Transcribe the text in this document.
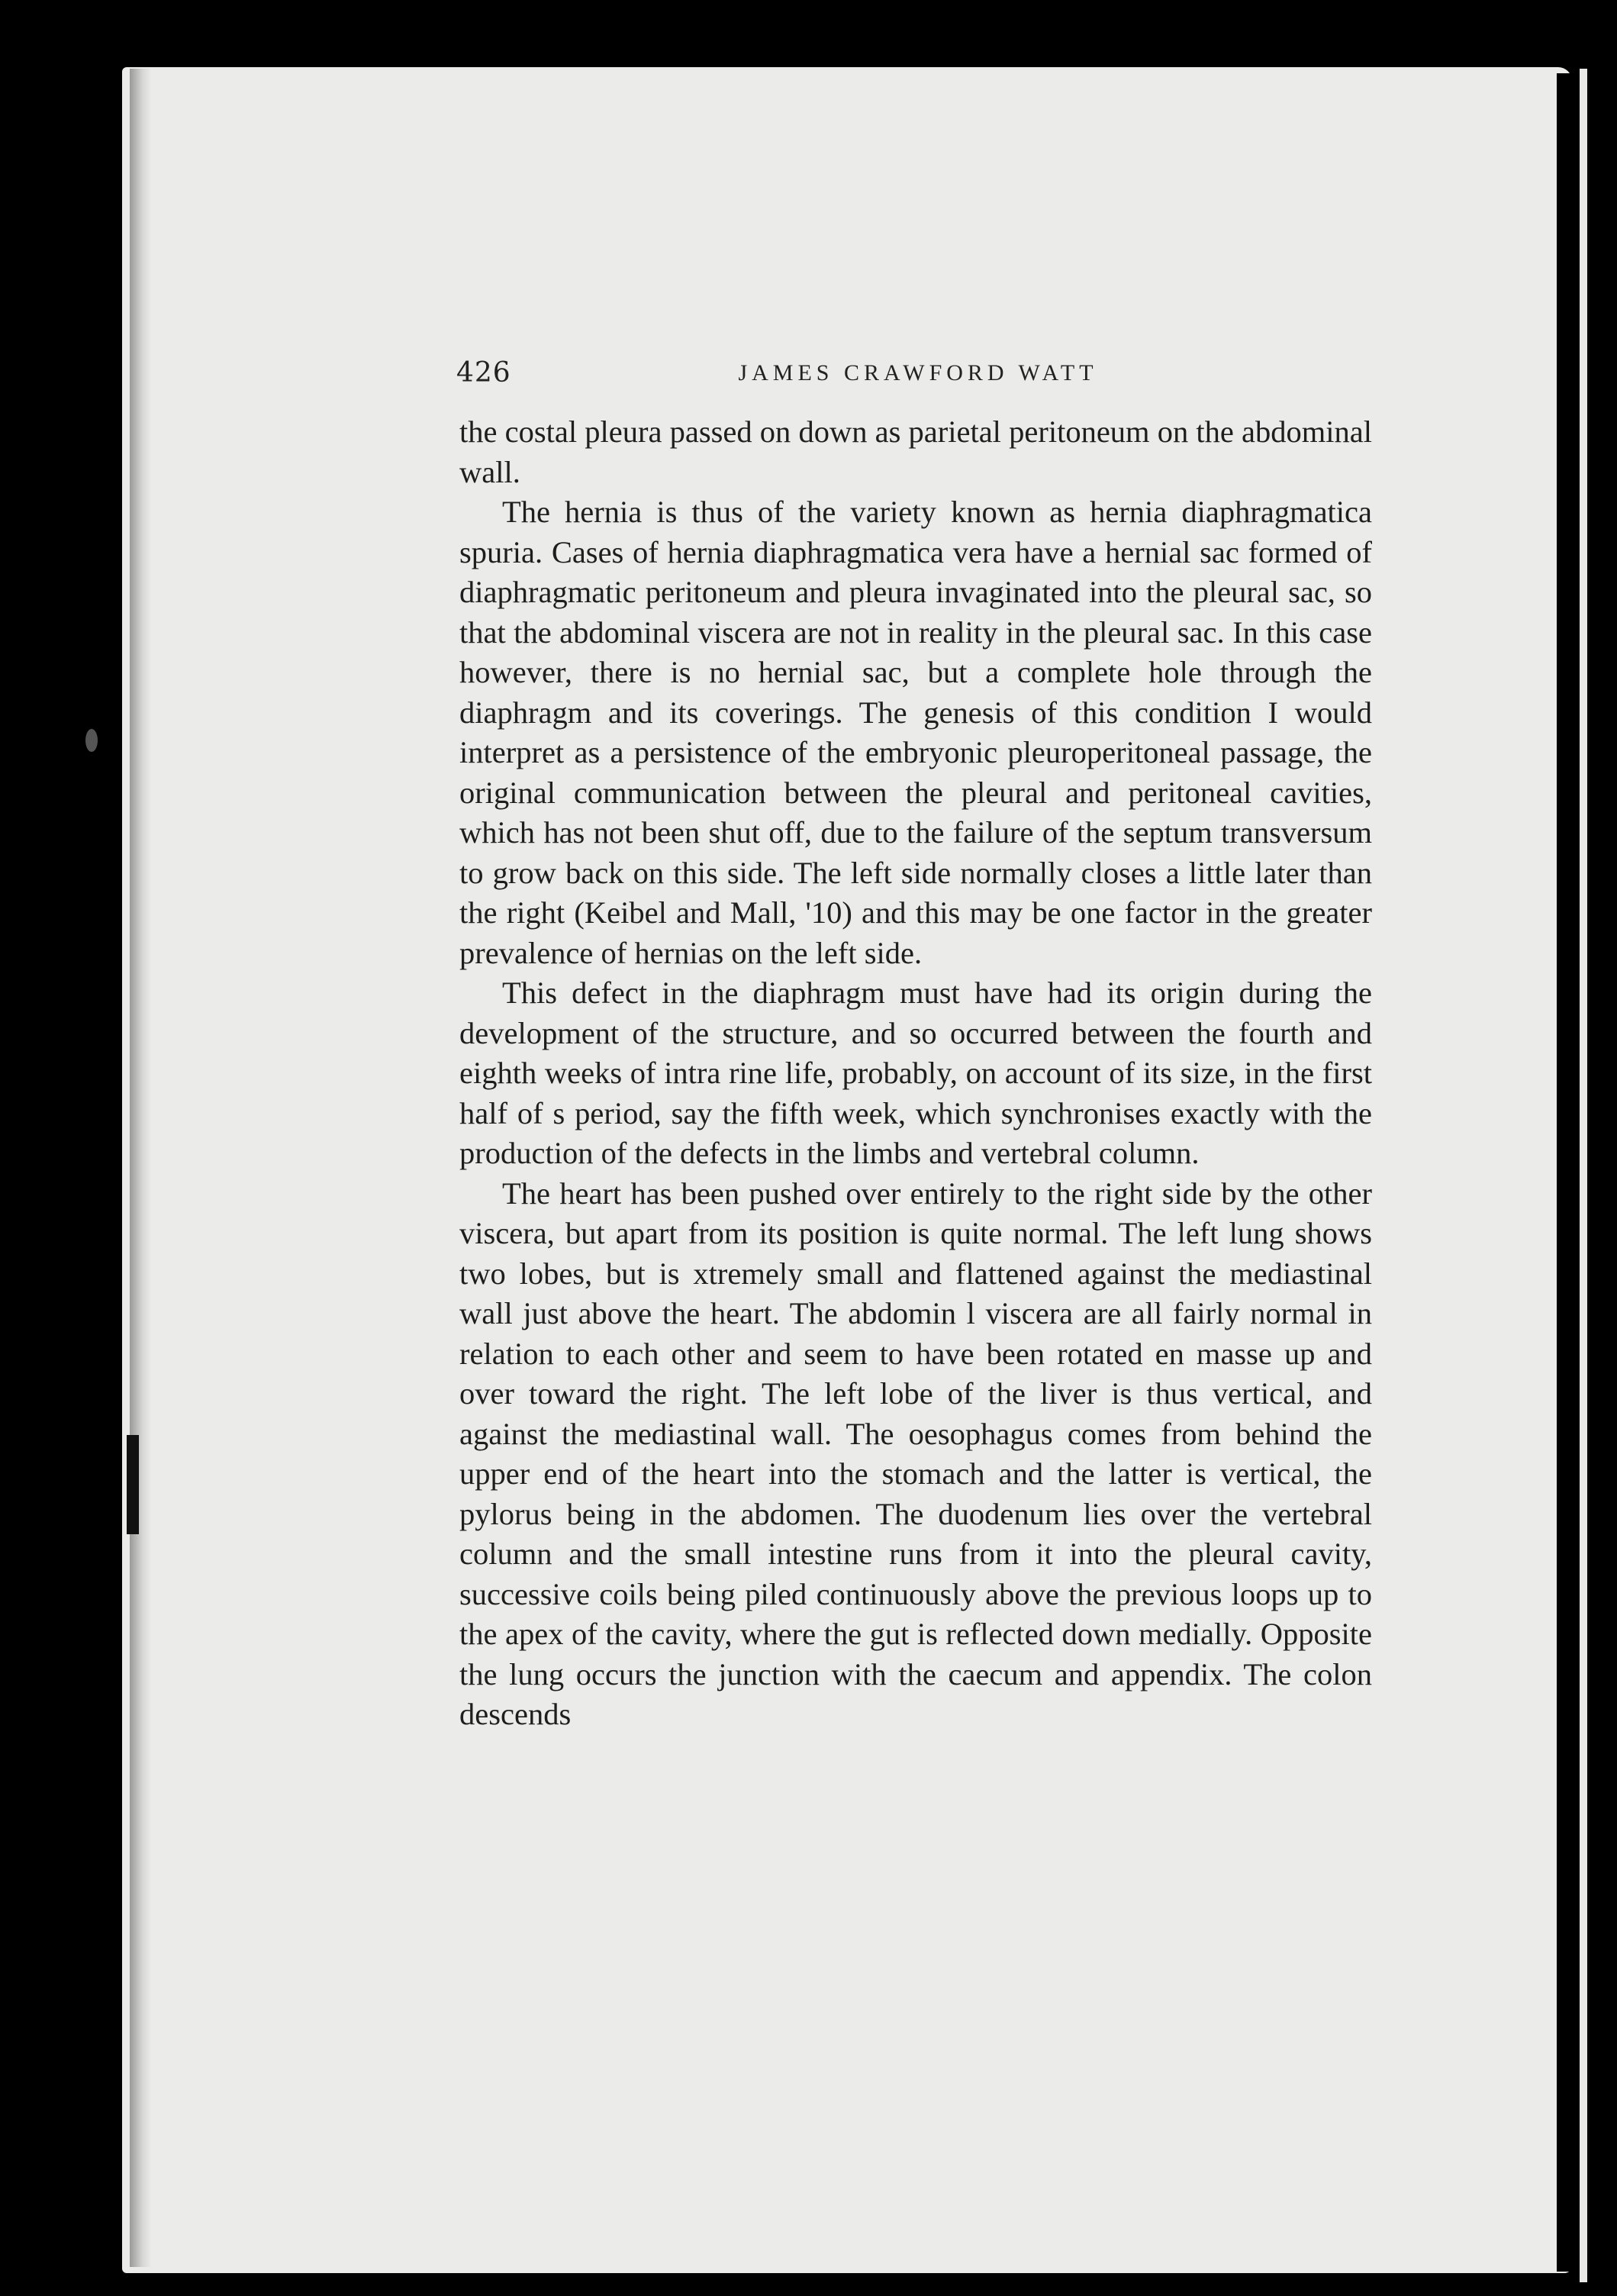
426	JAMES CRAWFORD WATT

the costal pleura passed on down as parietal peritoneum on the abdominal wall.

The hernia is thus of the variety known as hernia diaphragmatica spuria. Cases of hernia diaphragmatica vera have a hernial sac formed of diaphragmatic peritoneum and pleura invaginated into the pleural sac, so that the abdominal viscera are not in reality in the pleural sac. In this case however, there is no hernial sac, but a complete hole through the diaphragm and its coverings. The genesis of this condition I would interpret as a persistence of the embryonic pleuroperitoneal passage, the original communication between the pleural and peritoneal cavities, which has not been shut off, due to the failure of the septum transversum to grow back on this side. The left side normally closes a little later than the right (Keibel and Mall, '10) and this may be one factor in the greater prevalence of hernias on the left side.

This defect in the diaphragm must have had its origin during the development of the structure, and so occurred between the fourth and eighth weeks of intra rine life, probably, on account of its size, in the first half of s period, say the fifth week, which synchronises exactly with the production of the defects in the limbs and vertebral column.

The heart has been pushed over entirely to the right side by the other viscera, but apart from its position is quite normal. The left lung shows two lobes, but is xtremely small and flattened against the mediastinal wall just above the heart. The abdomin l viscera are all fairly normal in relation to each other and seem to have been rotated en masse up and over toward the right. The left lobe of the liver is thus vertical, and against the mediastinal wall. The oesophagus comes from behind the upper end of the heart into the stomach and the latter is vertical, the pylorus being in the abdomen. The duodenum lies over the vertebral column and the small intestine runs from it into the pleural cavity, successive coils being piled continuously above the previous loops up to the apex of the cavity, where the gut is reflected down medially. Opposite the lung occurs the junction with the caecum and appendix. The colon descends
